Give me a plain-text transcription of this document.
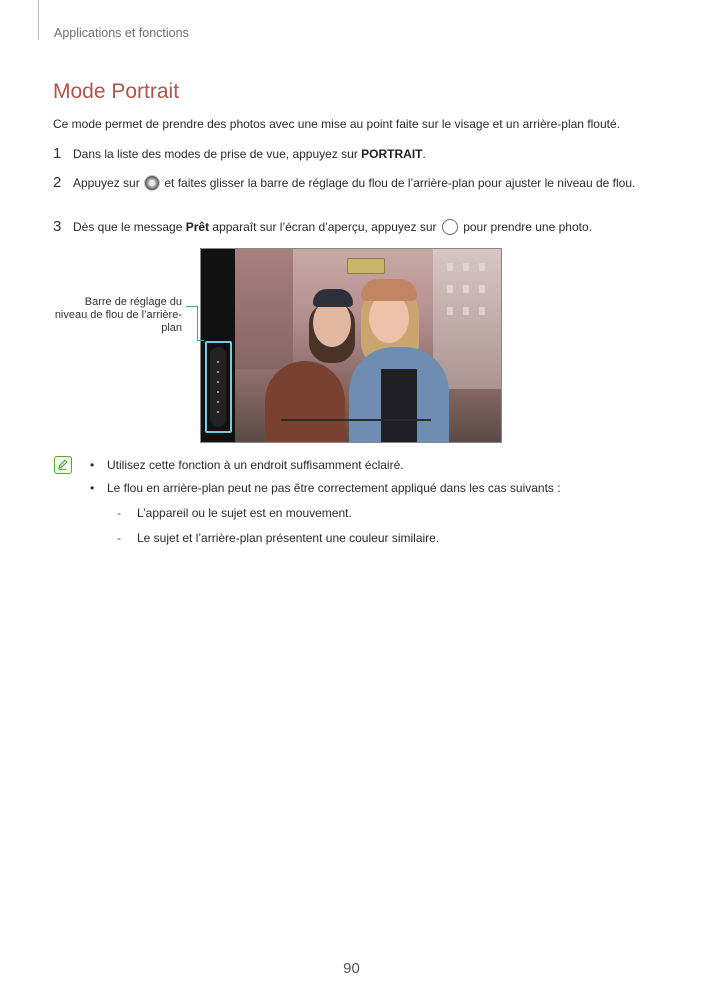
Applications et fonctions
Mode Portrait
Ce mode permet de prendre des photos avec une mise au point faite sur le visage et un arrière-plan flouté.
1 Dans la liste des modes de prise de vue, appuyez sur PORTRAIT.
2 Appuyez sur  et faites glisser la barre de réglage du flou de l’arrière-plan pour ajuster le niveau de flou.
3 Dès que le message Prêt apparaît sur l’écran d’aperçu, appuyez sur  pour prendre une photo.
Barre de réglage du niveau de flou de l’arrière-plan
• Utilisez cette fonction à un endroit suffisamment éclairé.
• Le flou en arrière-plan peut ne pas être correctement appliqué dans les cas suivants :
- L’appareil ou le sujet est en mouvement.
- Le sujet et l’arrière-plan présentent une couleur similaire.
90
